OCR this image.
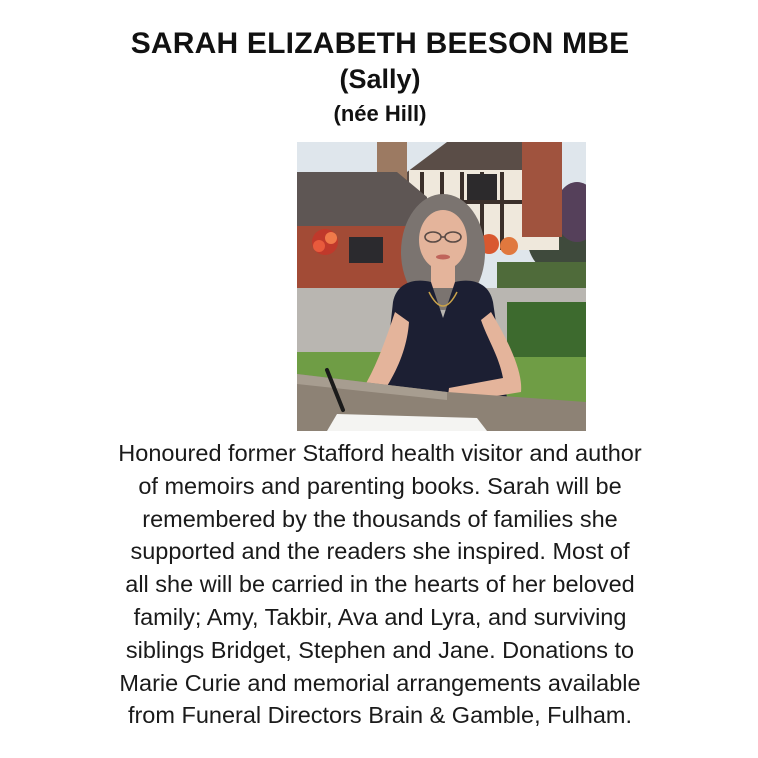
SARAH ELIZABETH BEESON MBE
(Sally)
(née Hill)

Honoured former Stafford health visitor and author
of memoirs and parenting books. Sarah will be
remembered by the thousands of families she
supported and the readers she inspired. Most of
all she will be carried in the hearts of her beloved
family; Amy, Takbir, Ava and Lyra, and surviving
siblings Bridget, Stephen and Jane. Donations to
Marie Curie and memorial arrangements available
from Funeral Directors Brain & Gamble, Fulham.
